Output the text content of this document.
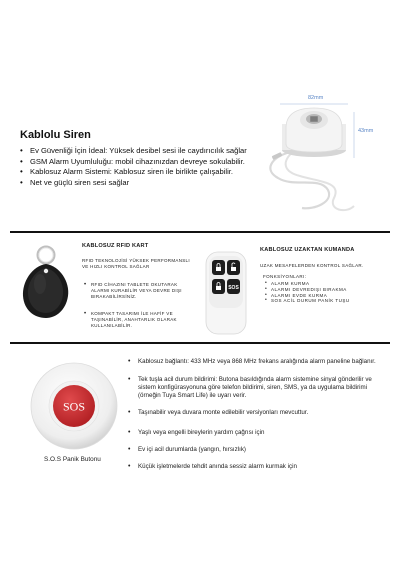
Kablolu Siren
• Ev Güvenliği İçin İdeal: Yüksek desibel sesi ile caydırıcılık sağlar
• GSM Alarm Uyumluluğu: mobil cihazınızdan devreye sokulabilir.
• Kablosuz Alarm Sistemi: Kablosuz siren ile birlikte çalışabilir.
• Net ve güçlü siren sesi sağlar
82mm
43mm
KABLOSUZ RFID KART
RFID TEKNOLOJİSİ YÜKSEK PERFORMANSLI VE HIZLI KONTROL SAĞLAR
• RFID CİHAZINI TABLETE OKUTARAK ALARMI KURABİLİR VEYA DEVRE DIŞI BIRAKABİLİRSİNİZ.
• KOMPAKT TASARIMI İLE HAFİF VE TAŞINABİLİR, ANAHTARLIK OLARAK KULLANILABİLİR.
SOS
KABLOSUZ UZAKTAN KUMANDA
UZAK MESAFELERDEN KONTROL SAĞLAR.
FONKSİYONLARI:
• ALARM KURMA
• ALARMI DEVREDIŞI BIRAKMA
• ALARMI EVDE KURMA
• SOS ACİL DURUM PANİK TUŞU
SOS
S.O.S Panik Butonu
• Kablosuz bağlantı: 433 MHz veya 868 MHz frekans aralığında alarm paneline bağlanır.
• Tek tuşla acil durum bildirimi: Butona basıldığında alarm sistemine sinyal gönderilir ve sistem konfigürasyonuna göre telefon bildirimi, siren, SMS, ya da uygulama bildirimi (örneğin Tuya Smart Life) ile uyarı verir.
• Taşınabilir veya duvara monte edilebilir versiyonları mevcuttur.
• Yaşlı veya engelli bireylerin yardım çağrısı için
• Ev içi acil durumlarda (yangın, hırsızlık)
• Küçük işletmelerde tehdit anında sessiz alarm kurmak için
